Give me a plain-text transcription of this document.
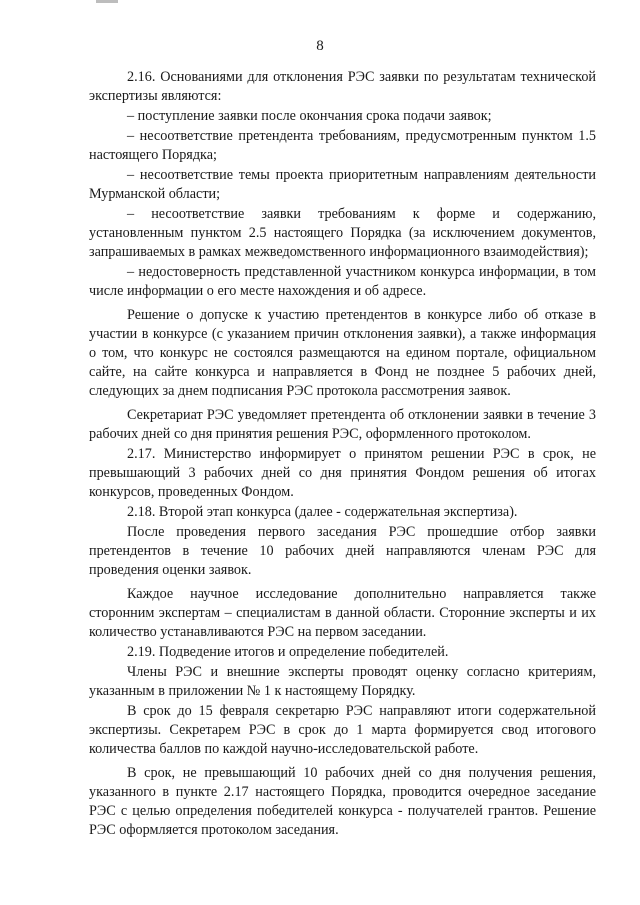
8

2.16. Основаниями для отклонения РЭС заявки по результатам технической экспертизы являются:

– поступление заявки после окончания срока подачи заявок;

– несоответствие претендента требованиям, предусмотренным пунктом 1.5 настоящего Порядка;

– несоответствие темы проекта приоритетным направлениям деятельности Мурманской области;

– несоответствие заявки требованиям к форме и содержанию, установленным пунктом 2.5 настоящего Порядка (за исключением документов, запрашиваемых в рамках межведомственного информационного взаимодействия);

– недостоверность представленной участником конкурса информации, в том числе информации о его месте нахождения и об адресе.

Решение о допуске к участию претендентов в конкурсе либо об отказе в участии в конкурсе (с указанием причин отклонения заявки), а также информация о том, что конкурс не состоялся размещаются на едином портале, официальном сайте, на сайте конкурса и направляется в Фонд не позднее 5 рабочих дней, следующих за днем подписания РЭС протокола рассмотрения заявок.

Секретариат РЭС уведомляет претендента об отклонении заявки в течение 3 рабочих дней со дня принятия решения РЭС, оформленного протоколом.

2.17. Министерство информирует о принятом решении РЭС в срок, не превышающий 3 рабочих дней со дня принятия Фондом решения об итогах конкурсов, проведенных Фондом.

2.18. Второй этап конкурса (далее - содержательная экспертиза).

После проведения первого заседания РЭС прошедшие отбор заявки претендентов в течение 10 рабочих дней направляются членам РЭС для проведения оценки заявок.

Каждое научное исследование дополнительно направляется также сторонним экспертам – специалистам в данной области. Сторонние эксперты и их количество устанавливаются РЭС на первом заседании.

2.19. Подведение итогов и определение победителей.

Члены РЭС и внешние эксперты проводят оценку согласно критериям, указанным в приложении № 1 к настоящему Порядку.

В срок до 15 февраля секретарю РЭС направляют итоги содержательной экспертизы. Секретарем РЭС в срок до 1 марта формируется свод итогового количества баллов по каждой научно-исследовательской работе.

В срок, не превышающий 10 рабочих дней со дня получения решения, указанного в пункте 2.17 настоящего Порядка, проводится очередное заседание РЭС с целью определения победителей конкурса - получателей грантов. Решение РЭС оформляется протоколом заседания.
